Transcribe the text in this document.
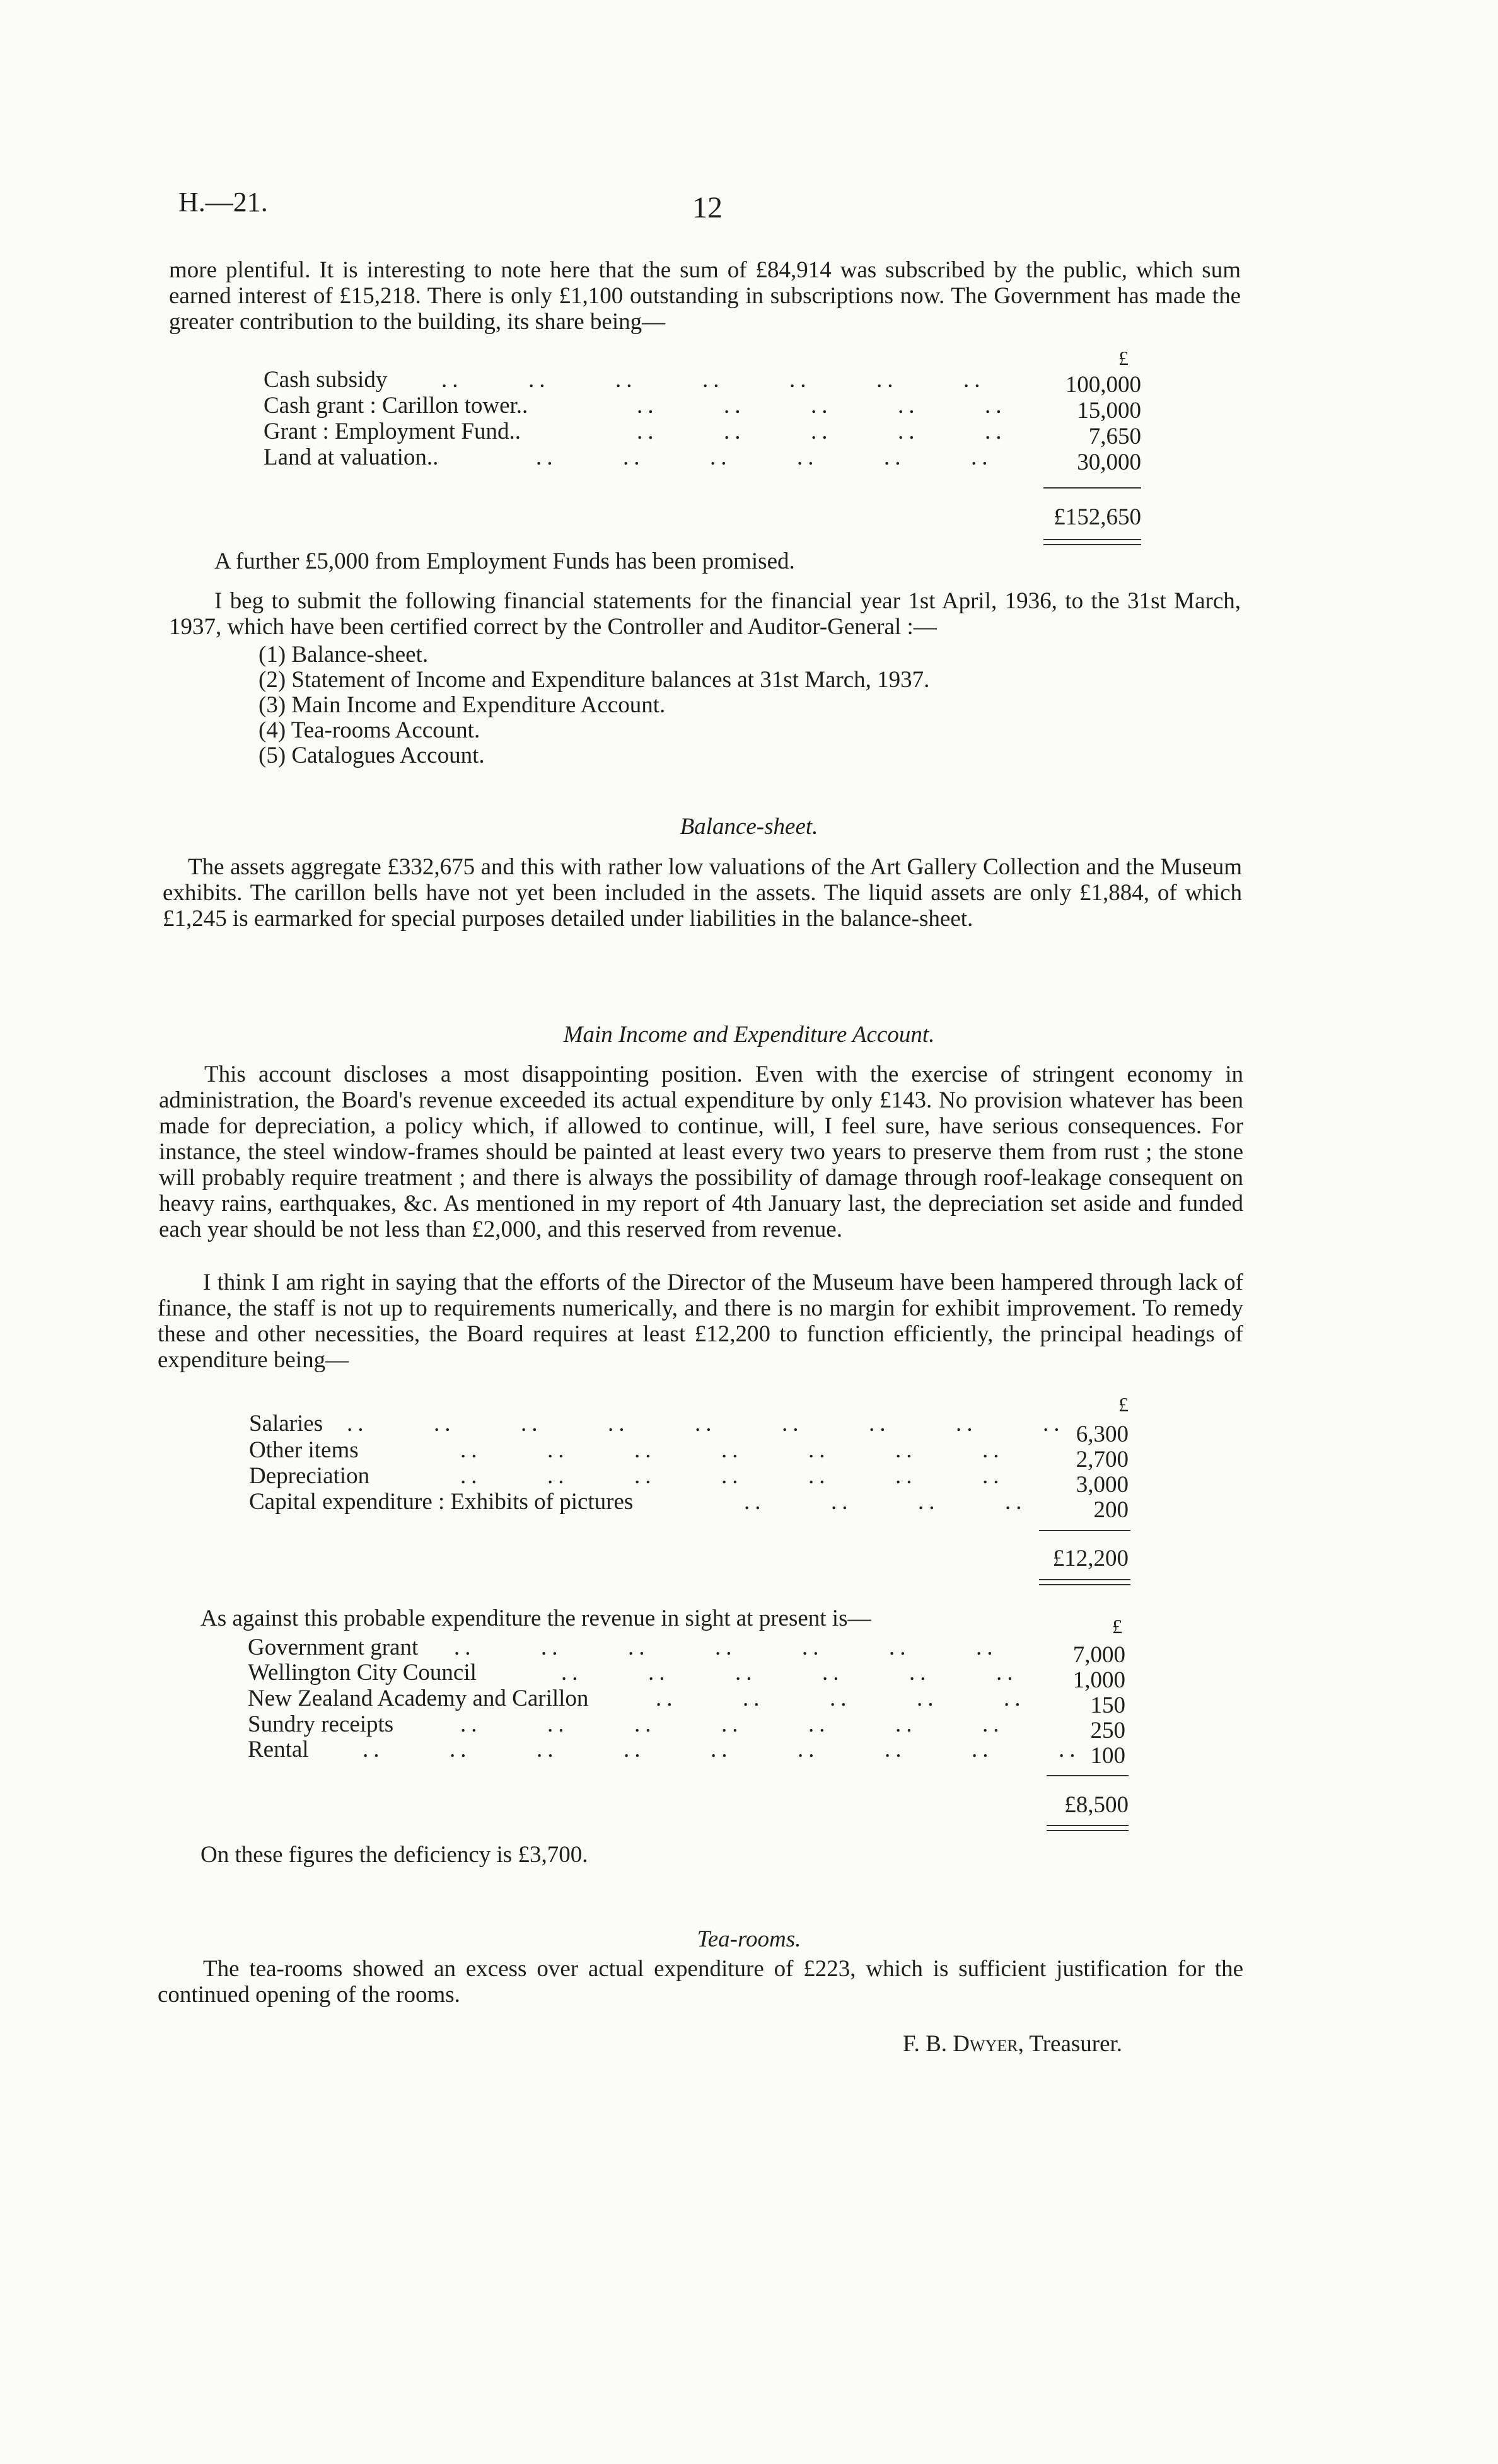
H.—21.	12

more plentiful. It is interesting to note here that the sum of £84,914 was subscribed by the public, which sum earned interest of £15,218. There is only £1,100 outstanding in subscriptions now. The Government has made the greater contribution to the building, its share being—

£
Cash subsidy ..      ..      ..      ..      ..      ..      ..	100,000
Cash grant : Carillon tower..	..      ..      ..      ..      ..	15,000
Grant : Employment Fund..	..      ..      ..      ..      ..	7,650
Land at valuation..	..      ..      ..      ..      ..      ..	30,000
£152,650

A further £5,000 from Employment Funds has been promised.

I beg to submit the following financial statements for the financial year 1st April, 1936, to the 31st March, 1937, which have been certified correct by the Controller and Auditor-General :—

(1) Balance-sheet.
(2) Statement of Income and Expenditure balances at 31st March, 1937.
(3) Main Income and Expenditure Account.
(4) Tea-rooms Account.
(5) Catalogues Account.
Balance-sheet.

The assets aggregate £332,675 and this with rather low valuations of the Art Gallery Collection and the Museum exhibits. The carillon bells have not yet been included in the assets. The liquid assets are only £1,884, of which £1,245 is earmarked for special purposes detailed under liabilities in the balance-sheet.

Main Income and Expenditure Account.

This account discloses a most disappointing position. Even with the exercise of stringent economy in administration, the Board's revenue exceeded its actual expenditure by only £143. No provision whatever has been made for depreciation, a policy which, if allowed to continue, will, I feel sure, have serious consequences. For instance, the steel window-frames should be painted at least every two years to preserve them from rust ; the stone will probably require treatment ; and there is always the possibility of damage through roof-leakage consequent on heavy rains, earthquakes, &c. As mentioned in my report of 4th January last, the depreciation set aside and funded each year should be not less than £2,000, and this reserved from revenue.

I think I am right in saying that the efforts of the Director of the Museum have been hampered through lack of finance, the staff is not up to requirements numerically, and there is no margin for exhibit improvement. To remedy these and other necessities, the Board requires at least £12,200 to function efficiently, the principal headings of expenditure being—

£
Salaries ..      ..      ..      ..      ..      ..      ..      ..      .. 6,300
Other items	..      ..      ..      ..      ..      ..      ..	2,700
Depreciation	..      ..      ..      ..      ..      ..      ..	3,000
Capital expenditure : Exhibits of pictures	..      ..      ..      ..	200
£12,200
As against this probable expenditure the revenue in sight at present is—	£
Government grant ..      ..      ..      ..      ..      ..      ..	7,000
Wellington City Council	..      ..      ..      ..      ..      ..	1,000
New Zealand Academy and Carillon	..      ..      ..      ..      ..	150
Sundry receipts	..      ..      ..      ..      ..      ..      ..	250
Rental ..      ..      ..      ..      ..      ..      ..      ..      .. 100
£8,500
On these figures the deficiency is £3,700.
Tea-rooms.

The tea-rooms showed an excess over actual expenditure of £223, which is sufficient justification for the continued opening of the rooms.

F. B. Dwyer, Treasurer.
